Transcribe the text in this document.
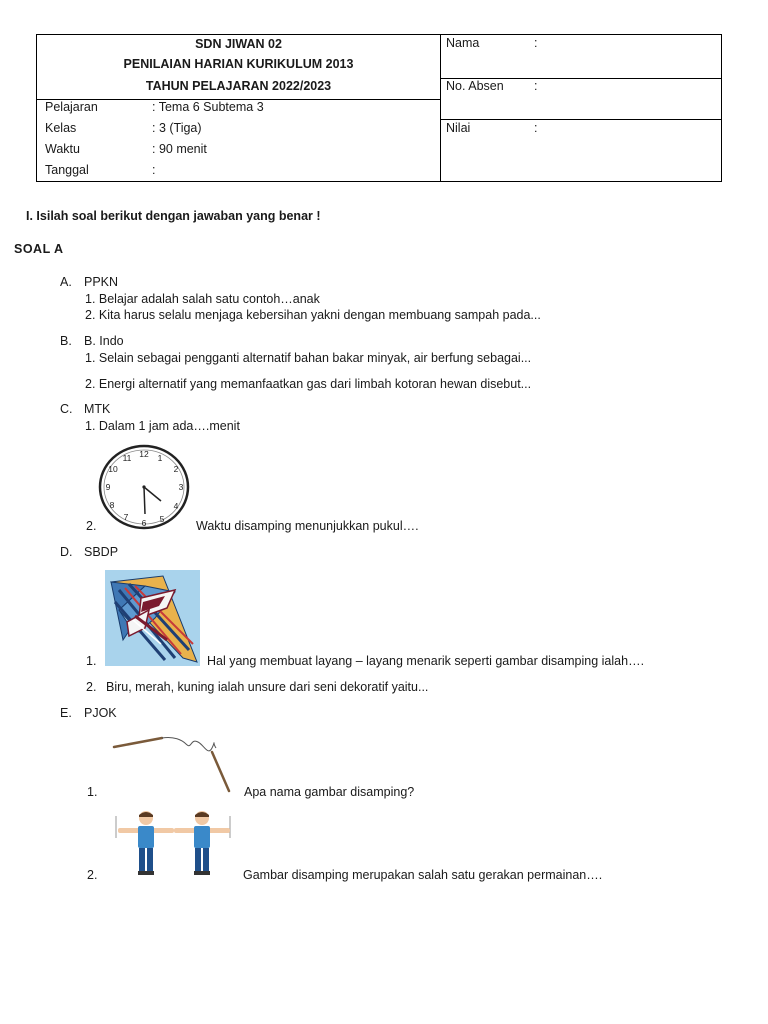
SDN JIWAN 02
PENILAIAN HARIAN KURIKULUM 2013
TAHUN PELAJARAN 2022/2023
Pelajaran	: Tema 6 Subtema 3
Kelas	: 3 (Tiga)
Waktu	: 90 menit
Tanggal	:
Nama	:
No. Absen :
Nilai	:
I. Isilah soal berikut dengan jawaban yang benar !
SOAL A
A. PPKN
1. Belajar adalah salah satu contoh…anak
2. Kita harus selalu menjaga kebersihan yakni dengan membuang sampah pada...
B. B. Indo
1. Selain sebagai pengganti alternatif bahan bakar minyak, air berfung sebagai...
2. Energi alternatif yang memanfaatkan gas dari limbah kotoran hewan disebut...
C. MTK
1. Dalam 1 jam ada….menit
12 1
2
3
4
5
6
7
8
9
10
11
2.	Waktu disamping menunjukkan pukul….
D. SBDP
1.	Hal yang membuat layang – layang menarik seperti gambar disamping ialah….
2. Biru, merah, kuning ialah unsure dari seni dekoratif yaitu...
E. PJOK
1.	Apa nama gambar disamping?
2.	Gambar disamping merupakan salah satu gerakan permainan….
